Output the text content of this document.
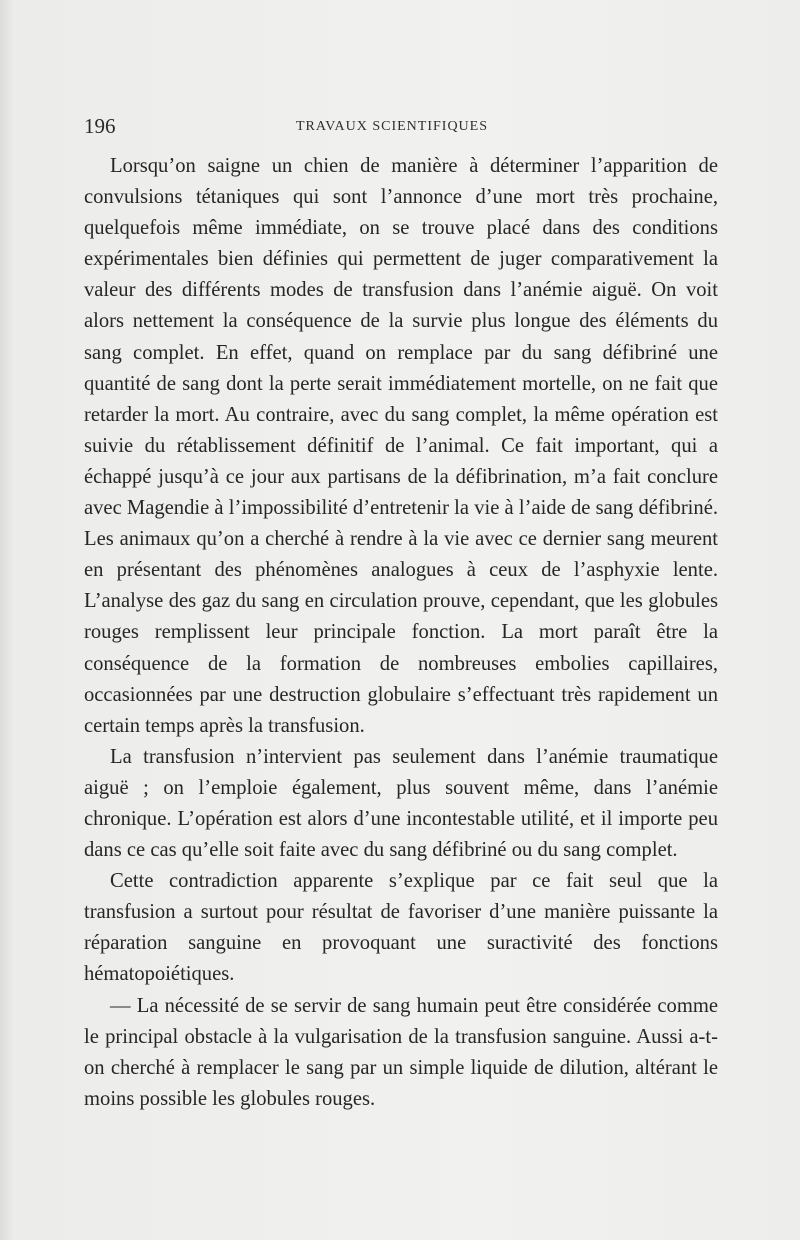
196	TRAVAUX SCIENTIFIQUES

Lorsqu’on saigne un chien de manière à déterminer l’apparition de convulsions tétaniques qui sont l’annonce d’une mort très prochaine, quelquefois même immédiate, on se trouve placé dans des conditions expérimentales bien définies qui permettent de juger comparativement la valeur des différents modes de transfusion dans l’anémie aiguë. On voit alors nettement la conséquence de la survie plus longue des éléments du sang complet. En effet, quand on remplace par du sang défibriné une quantité de sang dont la perte serait immédiatement mortelle, on ne fait que retarder la mort. Au contraire, avec du sang complet, la même opération est suivie du rétablissement définitif de l’animal. Ce fait important, qui a échappé jusqu’à ce jour aux partisans de la défibrination, m’a fait conclure avec Magendie à l’impossibilité d’entretenir la vie à l’aide de sang défibriné. Les animaux qu’on a cherché à rendre à la vie avec ce dernier sang meurent en présentant des phénomènes analogues à ceux de l’asphyxie lente. L’analyse des gaz du sang en circulation prouve, cependant, que les globules rouges remplissent leur principale fonction. La mort paraît être la conséquence de la formation de nombreuses embolies capillaires, occasionnées par une destruction globulaire s’effectuant très rapidement un certain temps après la transfusion.

La transfusion n’intervient pas seulement dans l’anémie traumatique aiguë ; on l’emploie également, plus souvent même, dans l’anémie chronique. L’opération est alors d’une incontestable utilité, et il importe peu dans ce cas qu’elle soit faite avec du sang défibriné ou du sang complet.

Cette contradiction apparente s’explique par ce fait seul que la transfusion a surtout pour résultat de favoriser d’une manière puissante la réparation sanguine en provoquant une suractivité des fonctions hématopoiétiques.

— La nécessité de se servir de sang humain peut être considérée comme le principal obstacle à la vulgarisation de la transfusion sanguine. Aussi a-t-on cherché à remplacer le sang par un simple liquide de dilution, altérant le moins possible les globules rouges.
